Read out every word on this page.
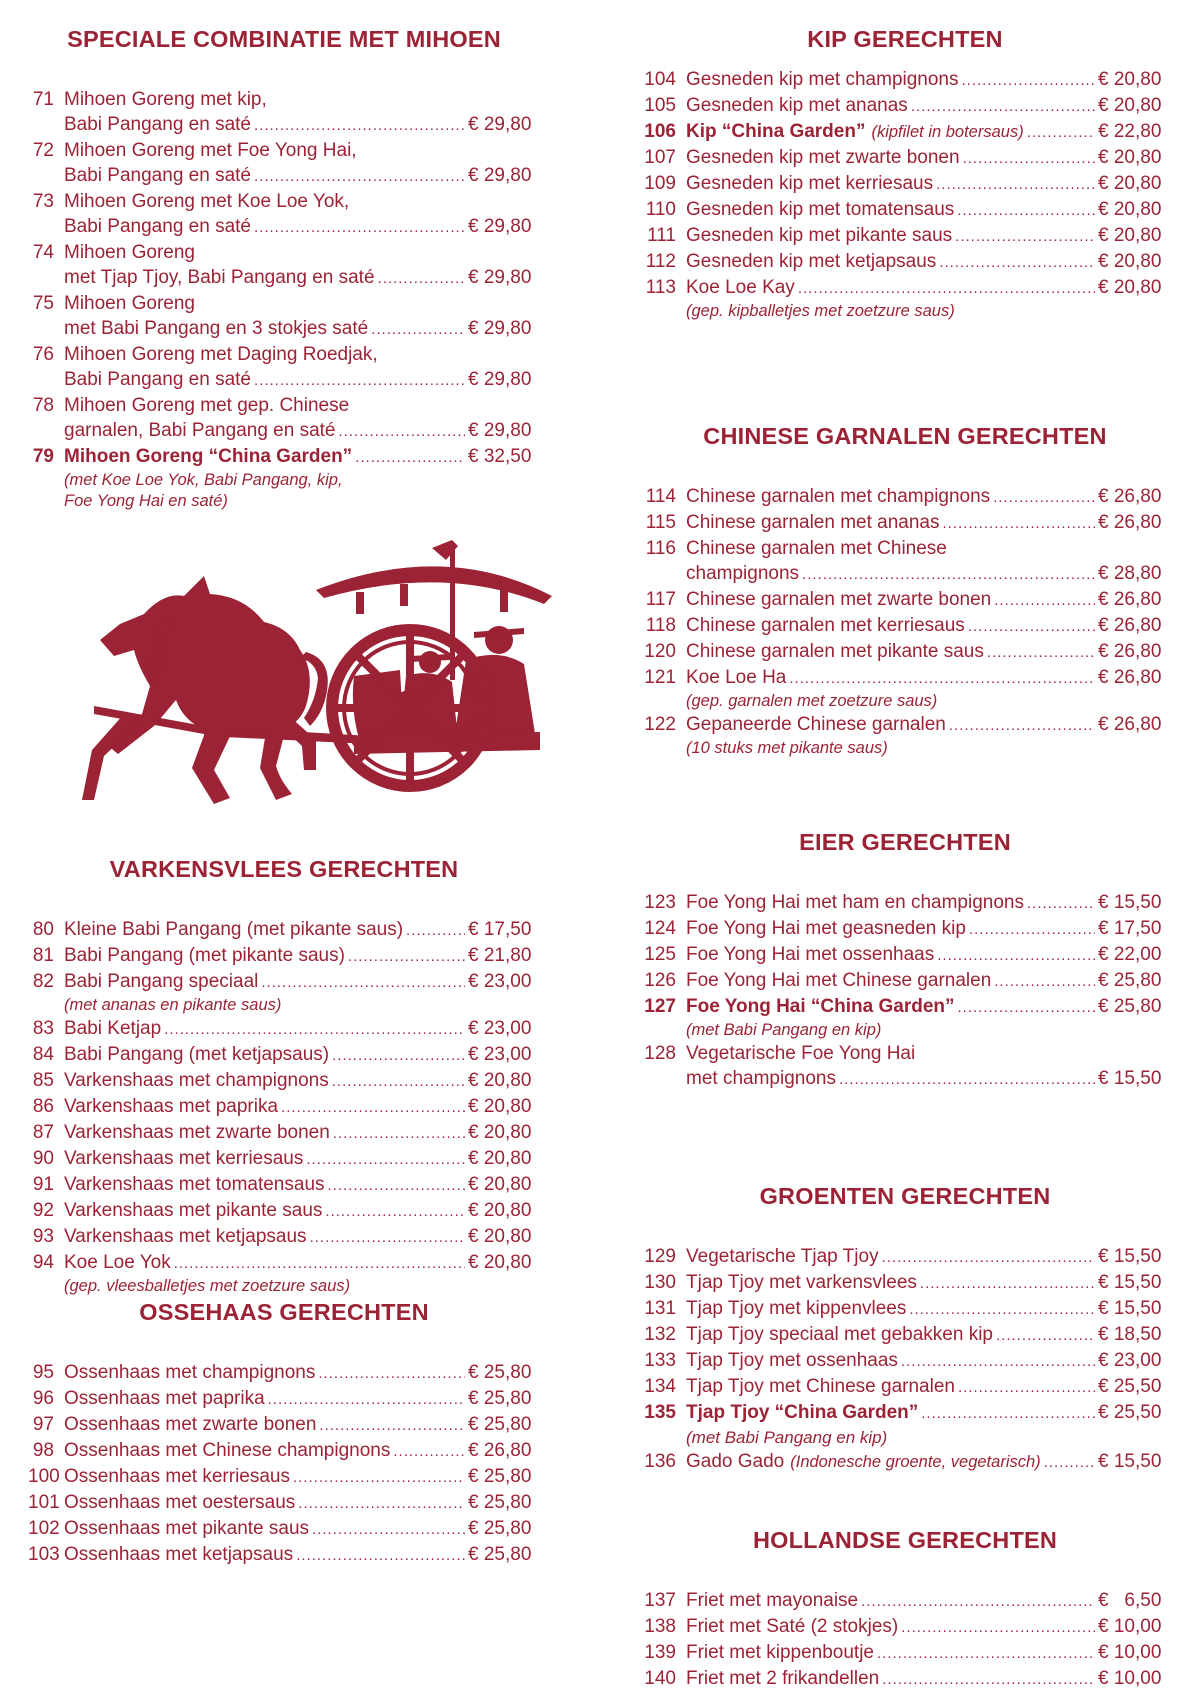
SPECIALE COMBINATIE MET MIHOEN
71 Mihoen Goreng met kip,
Babi Pangang en saté .....	€ 29,80
72 Mihoen Goreng met Foe Yong Hai,
Babi Pangang en saté .....	€ 29,80
73 Mihoen Goreng met Koe Loe Yok,
Babi Pangang en saté .....	€ 29,80
74 Mihoen Goreng
met Tjap Tjoy, Babi Pangang en saté .....	€ 29,80
75 Mihoen Goreng
met Babi Pangang en 3 stokjes saté .....	€ 29,80
76 Mihoen Goreng met Daging Roedjak,
Babi Pangang en saté .....	€ 29,80
78 Mihoen Goreng met gep. Chinese
garnalen, Babi Pangang en saté .....	€ 29,80
79 Mihoen Goreng “China Garden” .....	€ 32,50
(met Koe Loe Yok, Babi Pangang, kip,
Foe Yong Hai en saté)
VARKENSVLEES GERECHTEN
80 Kleine Babi Pangang (met pikante saus) .....	€ 17,50
81 Babi Pangang (met pikante saus) .....	€ 21,80
82 Babi Pangang speciaal .....	€ 23,00
(met ananas en pikante saus)
83 Babi Ketjap .....	€ 23,00
84 Babi Pangang (met ketjapsaus) .....	€ 23,00
85 Varkenshaas met champignons .....	€ 20,80
86 Varkenshaas met paprika .....	€ 20,80
87 Varkenshaas met zwarte bonen .....	€ 20,80
90 Varkenshaas met kerriesaus .....	€ 20,80
91 Varkenshaas met tomatensaus .....	€ 20,80
92 Varkenshaas met pikante saus .....	€ 20,80
93 Varkenshaas met ketjapsaus .....	€ 20,80
94 Koe Loe Yok .....	€ 20,80
(gep. vleesballetjes met zoetzure saus)
OSSEHAAS GERECHTEN
95 Ossenhaas met champignons .....	€ 25,80
96 Ossenhaas met paprika .....	€ 25,80
97 Ossenhaas met zwarte bonen .....	€ 25,80
98 Ossenhaas met Chinese champignons .....	€ 26,80
100 Ossenhaas met kerriesaus .....	€ 25,80
101 Ossenhaas met oestersaus .....	€ 25,80
102 Ossenhaas met pikante saus .....	€ 25,80
103 Ossenhaas met ketjapsaus .....	€ 25,80
KIP GERECHTEN
104 Gesneden kip met champignons .....	€ 20,80
105 Gesneden kip met ananas .....	€ 20,80
106 Kip “China Garden” (kipfilet in botersaus) .....	€ 22,80
107 Gesneden kip met zwarte bonen .....	€ 20,80
109 Gesneden kip met kerriesaus .....	€ 20,80
110 Gesneden kip met tomatensaus .....	€ 20,80
111 Gesneden kip met pikante saus .....	€ 20,80
112 Gesneden kip met ketjapsaus .....	€ 20,80
113 Koe Loe Kay .....	€ 20,80
(gep. kipballetjes met zoetzure saus)
CHINESE GARNALEN GERECHTEN
114 Chinese garnalen met champignons .....	€ 26,80
115 Chinese garnalen met ananas .....	€ 26,80
116 Chinese garnalen met Chinese
champignons .....	€ 28,80
117 Chinese garnalen met zwarte bonen .....	€ 26,80
118 Chinese garnalen met kerriesaus .....	€ 26,80
120 Chinese garnalen met pikante saus .....	€ 26,80
121 Koe Loe Ha .....	€ 26,80
(gep. garnalen met zoetzure saus)
122 Gepaneerde Chinese garnalen .....	€ 26,80
(10 stuks met pikante saus)
EIER GERECHTEN
123 Foe Yong Hai met ham en champignons .....	€ 15,50
124 Foe Yong Hai met geasneden kip .....	€ 17,50
125 Foe Yong Hai met ossenhaas .....	€ 22,00
126 Foe Yong Hai met Chinese garnalen .....	€ 25,80
127 Foe Yong Hai “China Garden” .....	€ 25,80
(met Babi Pangang en kip)
128 Vegetarische Foe Yong Hai
met champignons .....	€ 15,50
GROENTEN GERECHTEN
129 Vegetarische Tjap Tjoy .....	€ 15,50
130 Tjap Tjoy met varkensvlees .....	€ 15,50
131 Tjap Tjoy met kippenvlees .....	€ 15,50
132 Tjap Tjoy speciaal met gebakken kip .....	€ 18,50
133 Tjap Tjoy met ossenhaas .....	€ 23,00
134 Tjap Tjoy met Chinese garnalen .....	€ 25,50
135 Tjap Tjoy “China Garden” .....	€ 25,50
(met Babi Pangang en kip)
136 Gado Gado (Indonesche groente, vegetarisch) .....	€ 15,50
HOLLANDSE GERECHTEN
137 Friet met mayonaise .....	€   6,50
138 Friet met Saté (2 stokjes) .....	€ 10,00
139 Friet met kippenboutje .....	€ 10,00
140 Friet met 2 frikandellen .....	€ 10,00
